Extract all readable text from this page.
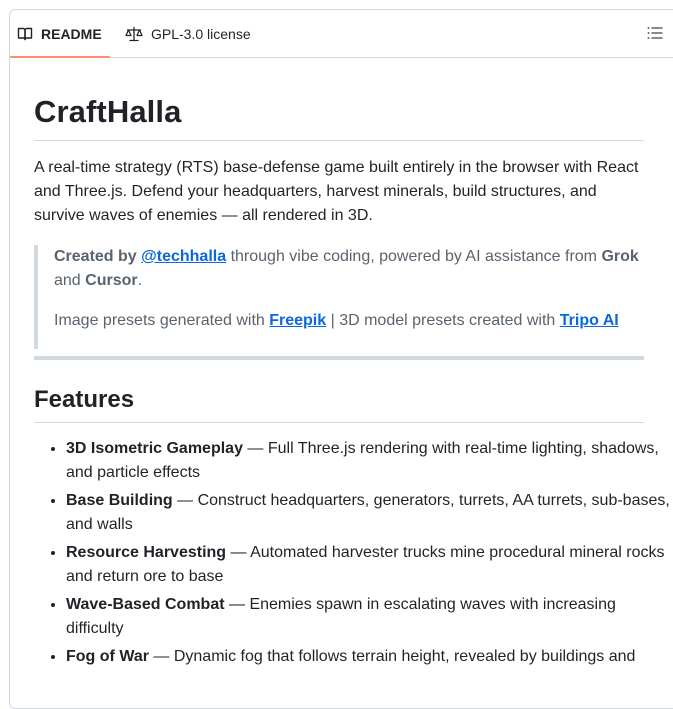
README	GPL-3.0 license
CraftHalla

A real-time strategy (RTS) base-defense game built entirely in the browser with React and Three.js. Defend your headquarters, harvest minerals, build structures, and survive waves of enemies — all rendered in 3D.

Created by @techhalla through vibe coding, powered by AI assistance from Grok and Cursor.

Image presets generated with Freepik | 3D model presets created with Tripo AI

Features
• 3D Isometric Gameplay — Full Three.js rendering with real-time lighting, shadows, and particle effects
• Base Building — Construct headquarters, generators, turrets, AA turrets, sub-bases, and walls
• Resource Harvesting — Automated harvester trucks mine procedural mineral rocks and return ore to base
• Wave-Based Combat — Enemies spawn in escalating waves with increasing difficulty
• Fog of War — Dynamic fog that follows terrain height, revealed by buildings and
